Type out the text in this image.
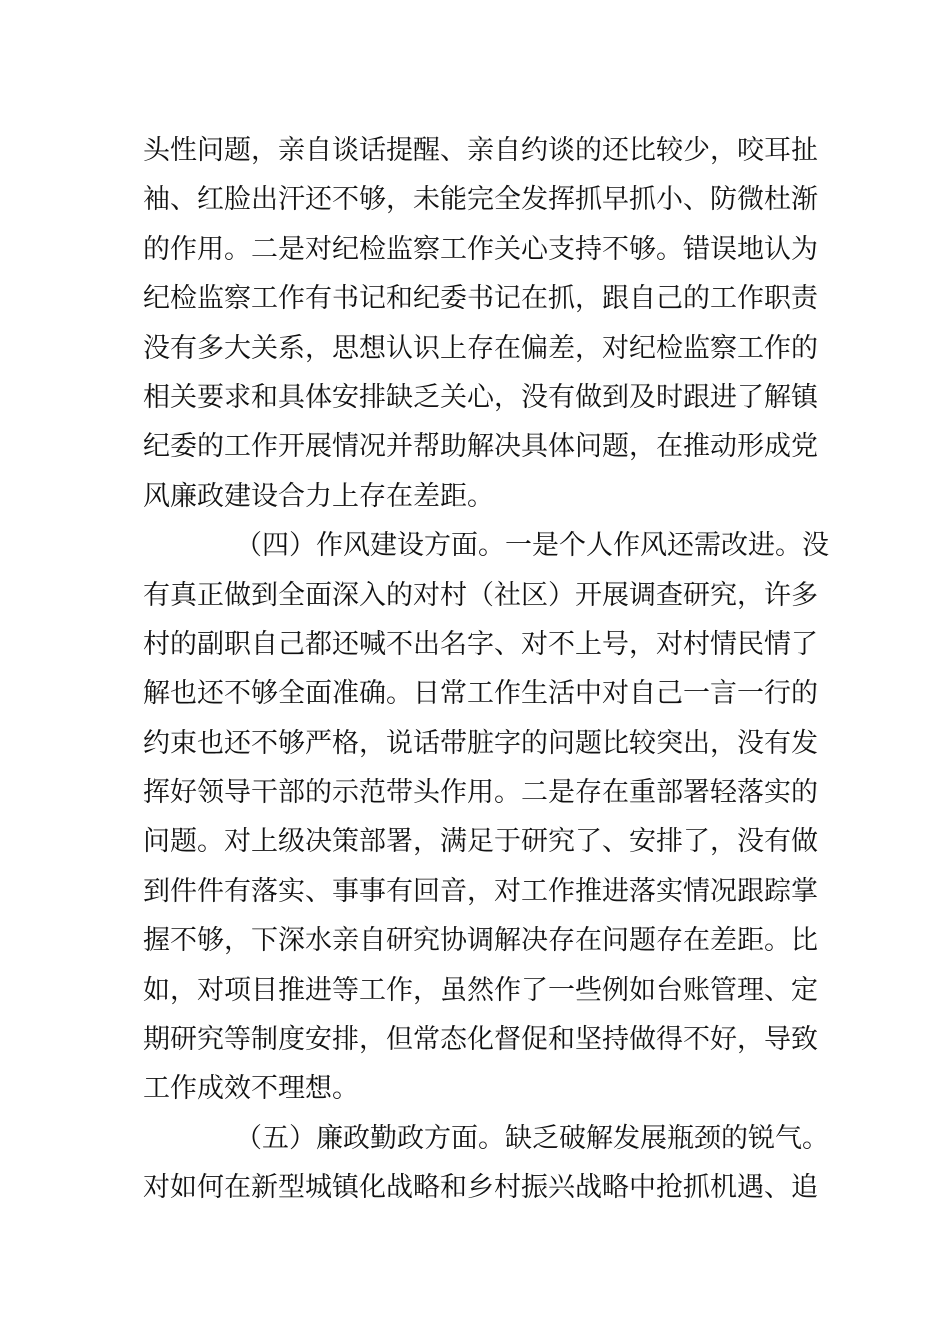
头性问题，亲自谈话提醒、亲自约谈的还比较少，咬耳扯
袖、红脸出汗还不够，未能完全发挥抓早抓小、防微杜渐
的作用。二是对纪检监察工作关心支持不够。错误地认为
纪检监察工作有书记和纪委书记在抓，跟自己的工作职责
没有多大关系，思想认识上存在偏差，对纪检监察工作的
相关要求和具体安排缺乏关心，没有做到及时跟进了解镇
纪委的工作开展情况并帮助解决具体问题，在推动形成党
风廉政建设合力上存在差距。
（四）作风建设方面。一是个人作风还需改进。没
有真正做到全面深入的对村（社区）开展调查研究，许多
村的副职自己都还喊不出名字、对不上号，对村情民情了
解也还不够全面准确。日常工作生活中对自己一言一行的
约束也还不够严格，说话带脏字的问题比较突出，没有发
挥好领导干部的示范带头作用。二是存在重部署轻落实的
问题。对上级决策部署，满足于研究了、安排了，没有做
到件件有落实、事事有回音，对工作推进落实情况跟踪掌
握不够，下深水亲自研究协调解决存在问题存在差距。比
如，对项目推进等工作，虽然作了一些例如台账管理、定
期研究等制度安排，但常态化督促和坚持做得不好，导致
工作成效不理想。
（五）廉政勤政方面。缺乏破解发展瓶颈的锐气。
对如何在新型城镇化战略和乡村振兴战略中抢抓机遇、追
